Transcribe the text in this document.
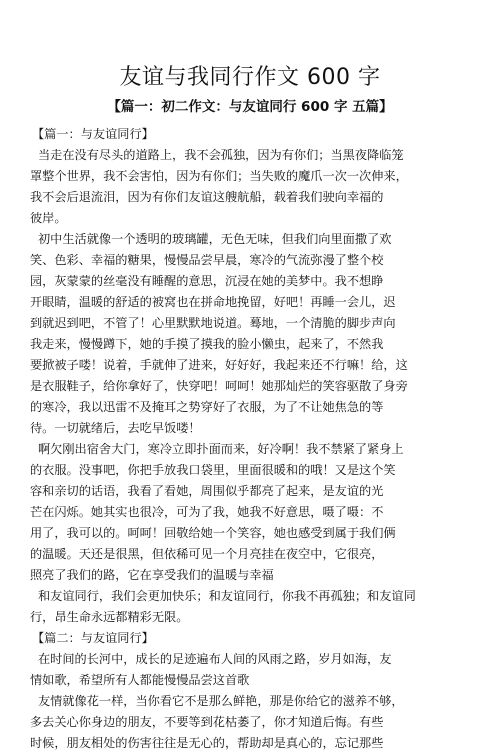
友谊与我同行作文 600 字
【篇一：初二作文：与友谊同行 600 字 五篇】
【篇一：与友谊同行】
当走在没有尽头的道路上，我不会孤独，因为有你们；当黑夜降临笼
罩整个世界，我不会害怕，因为有你们；当失败的魔爪一次一次伸来，
我不会后退流泪，因为有你们友谊这艘航船，载着我们驶向幸福的
彼岸。
初中生活就像一个透明的玻璃罐，无色无味，但我们向里面撒了欢
笑、色彩、幸福的糖果，慢慢品尝早晨，寒冷的气流弥漫了整个校
园，灰蒙蒙的丝毫没有睡醒的意思，沉浸在她的美梦中。我不想睁
开眼睛，温暖的舒适的被窝也在拼命地挽留，好吧！再睡一会儿，迟
到就迟到吧，不管了！心里默默地说道。蓦地，一个清脆的脚步声向
我走来，慢慢蹲下，她的手摸了摸我的脸小懒虫，起来了，不然我
要掀被子喽！说着，手就伸了进来，好好好，我起来还不行嘛！给，这
是衣服鞋子，给你拿好了，快穿吧！呵呵！她那灿烂的笑容驱散了身旁
的寒冷，我以迅雷不及掩耳之势穿好了衣服，为了不让她焦急的等
待。一切就绪后，去吃早饭喽！
啊欠刚出宿舍大门，寒冷立即扑面而来，好冷啊！我不禁紧了紧身上
的衣服。没事吧，你把手放我口袋里，里面很暖和的哦！又是这个笑
容和亲切的话语，我看了看她，周围似乎都亮了起来，是友谊的光
芒在闪烁。她其实也很冷，可为了我，她我不好意思，嗫了嗫：不
用了，我可以的。呵呵！回敬给她一个笑容，她也感受到属于我们俩
的温暖。天还是很黑，但依稀可见一个月亮挂在夜空中，它很亮，
照亮了我们的路，它在享受我们的温暖与幸福
和友谊同行，我们会更加快乐；和友谊同行，你我不再孤独；和友谊同
行，昂生命永远都精彩无限。
【篇二：与友谊同行】
在时间的长河中，成长的足迹遍布人间的风雨之路，岁月如海，友
情如歌，希望所有人都能慢慢品尝这首歌
友情就像花一样，当你看它不是那么鲜艳，那是你给它的滋养不够，
多去关心你身边的朋友，不要等到花枯萎了，你才知道后悔。有些
时候，朋友相处的伤害往往是无心的，帮助却是真心的，忘记那些
